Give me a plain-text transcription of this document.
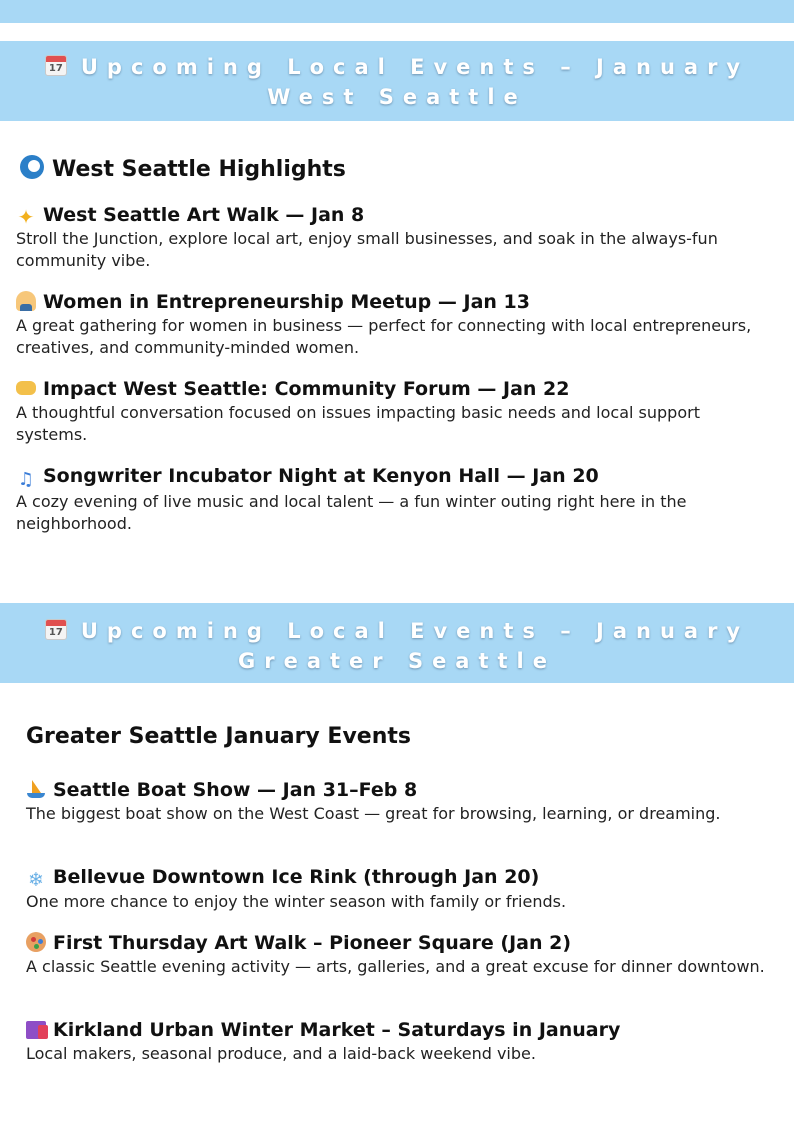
17 Upcoming Local Events – January
West Seattle
West Seattle Highlights
✦ West Seattle Art Walk — Jan 8
Stroll the Junction, explore local art, enjoy small businesses, and soak in the always-fun community vibe.
Women in Entrepreneurship Meetup — Jan 13
A great gathering for women in business — perfect for connecting with local entrepreneurs, creatives, and community-minded women.
Impact West Seattle: Community Forum — Jan 22
A thoughtful conversation focused on issues impacting basic needs and local support systems.
♫ Songwriter Incubator Night at Kenyon Hall — Jan 20
A cozy evening of live music and local talent — a fun winter outing right here in the neighborhood.
17 Upcoming Local Events – January
Greater Seattle
Greater Seattle January Events
Seattle Boat Show — Jan 31–Feb 8
The biggest boat show on the West Coast — great for browsing, learning, or dreaming.
❄ Bellevue Downtown Ice Rink (through Jan 20)
One more chance to enjoy the winter season with family or friends.
First Thursday Art Walk – Pioneer Square (Jan 2)
A classic Seattle evening activity — arts, galleries, and a great excuse for dinner downtown.
Kirkland Urban Winter Market – Saturdays in January
Local makers, seasonal produce, and a laid-back weekend vibe.
